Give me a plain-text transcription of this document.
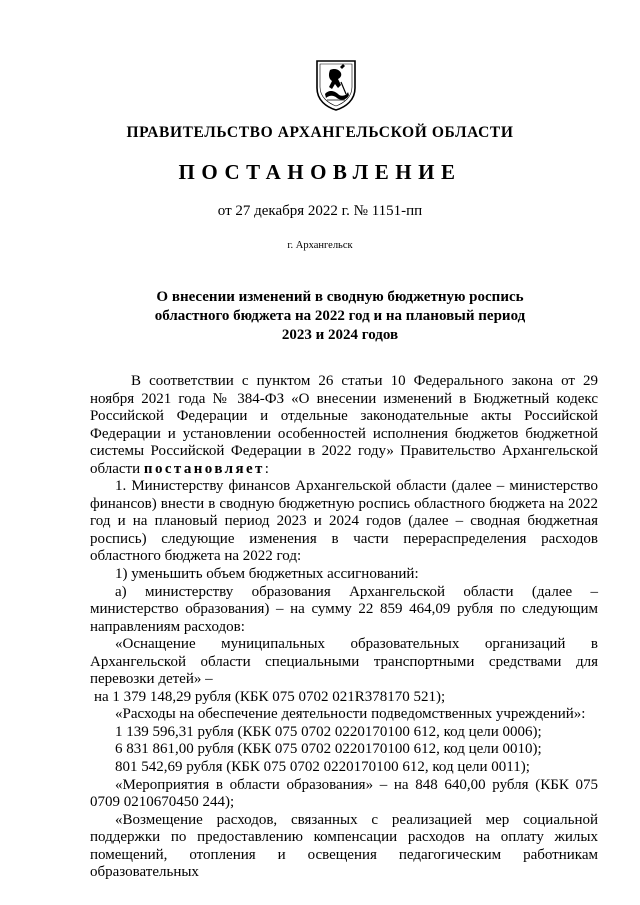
ПРАВИТЕЛЬСТВО АРХАНГЕЛЬСКОЙ ОБЛАСТИ
ПОСТАНОВЛЕНИЕ
от 27 декабря 2022 г. № 1151-пп
г. Архангельск
О внесении изменений в сводную бюджетную роспись
областного бюджета на 2022 год и на плановый период
2023 и 2024 годов

В соответствии с пунктом 26 статьи 10 Федерального закона от 29 ноября 2021 года № 384-ФЗ «О внесении изменений в Бюджетный кодекс Российской Федерации и отдельные законодательные акты Российской Федерации и установлении особенностей исполнения бюджетов бюджетной системы Российской Федерации в 2022 году» Правительство Архангельской области постановляет:

1. Министерству финансов Архангельской области (далее – министерство финансов) внести в сводную бюджетную роспись областного бюджета на 2022 год и на плановый период 2023 и 2024 годов (далее – сводная бюджетная роспись) следующие изменения в части перераспределения расходов областного бюджета на 2022 год:

1) уменьшить объем бюджетных ассигнований:

а) министерству образования Архангельской области (далее – министерство образования) – на сумму 22 859 464,09 рубля по следующим направлениям расходов:

«Оснащение муниципальных образовательных организаций в Архангельской области специальными транспортными средствами для перевозки детей» –

на 1 379 148,29 рубля (КБК 075 0702 021R378170 521);

«Расходы на обеспечение деятельности подведомственных учреждений»:

1 139 596,31 рубля (КБК 075 0702 0220170100 612, код цели 0006);

6 831 861,00 рубля (КБК 075 0702 0220170100 612, код цели 0010);

801 542,69 рубля (КБК 075 0702 0220170100 612, код цели 0011);

«Мероприятия в области образования» – на 848 640,00 рубля (КБК 075 0709 0210670450 244);

«Возмещение расходов, связанных с реализацией мер социальной поддержки по предоставлению компенсации расходов на оплату жилых помещений, отопления и освещения педагогическим работникам образовательных
